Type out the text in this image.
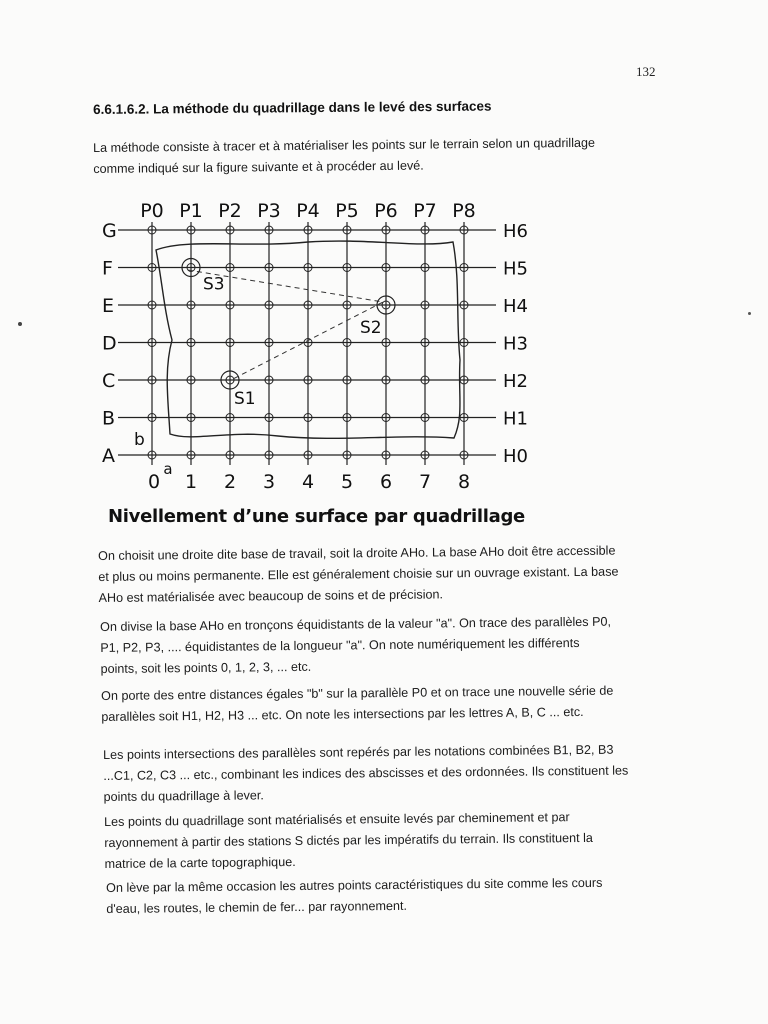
132
6.6.1.6.2. La méthode du quadrillage dans le levé des surfaces
La méthode consiste à tracer et à matérialiser les points sur le terrain selon un quadrillage
comme indiqué sur la figure suivante et à procéder au levé.
P0 P1 P2 P3 P4 P5 P6 P7 P8
G
F
E
D
C
B
A
H6
H5
H4
H3
H2
H1
H0
0 1 2 3 4 5 6 7 8
a
b
S3
S2
S1
Nivellement d’une surface par quadrillage
On choisit une droite dite base de travail, soit la droite AHo. La base AHo doit être accessible
et plus ou moins permanente. Elle est généralement choisie sur un ouvrage existant. La base
AHo est matérialisée avec beaucoup de soins et de précision.
On divise la base AHo en tronçons équidistants de la valeur "a". On trace des parallèles P0,
P1, P2, P3, .... équidistantes de la longueur "a". On note numériquement les différents
points, soit les points 0, 1, 2, 3, ... etc.
On porte des entre distances égales "b" sur la parallèle P0 et on trace une nouvelle série de
parallèles soit H1, H2, H3 ... etc. On note les intersections par les lettres A, B, C ... etc.
Les points intersections des parallèles sont repérés par les notations combinées B1, B2, B3
...C1, C2, C3 ... etc., combinant les indices des abscisses et des ordonnées. Ils constituent les
points du quadrillage à lever.
Les points du quadrillage sont matérialisés et ensuite levés par cheminement et par
rayonnement à partir des stations S dictés par les impératifs du terrain. Ils constituent la
matrice de la carte topographique.
On lève par la même occasion les autres points caractéristiques du site comme les cours
d'eau, les routes, le chemin de fer... par rayonnement.
